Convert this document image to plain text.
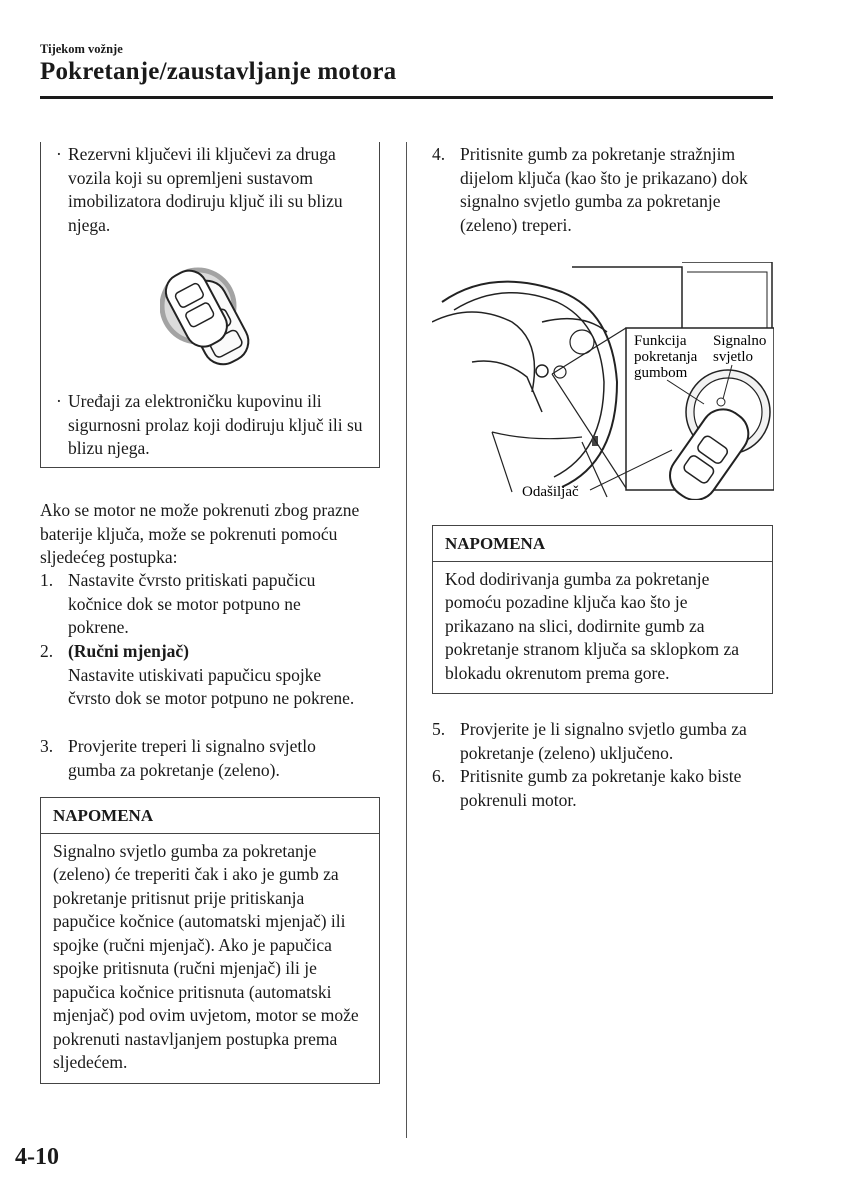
Tijekom vožnje
Pokretanje/zaustavljanje motora
· Rezervni ključevi ili ključevi za druga vozila koji su opremljeni sustavom imobilizatora dodiruju ključ ili su blizu njega.
· Uređaji za elektroničku kupovinu ili sigurnosni prolaz koji dodiruju ključ ili su blizu njega.
Ako se motor ne može pokrenuti zbog prazne baterije ključa, može se pokrenuti pomoću sljedećeg postupka:
1. Nastavite čvrsto pritiskati papučicu kočnice dok se motor potpuno ne pokrene.
2. (Ručni mjenjač)
Nastavite utiskivati papučicu spojke čvrsto dok se motor potpuno ne pokrene.
3. Provjerite treperi li signalno svjetlo gumba za pokretanje (zeleno).
NAPOMENA
Signalno svjetlo gumba za pokretanje (zeleno) će treperiti čak i ako je gumb za pokretanje pritisnut prije pritiskanja papučice kočnice (automatski mjenjač) ili spojke (ručni mjenjač). Ako je papučica spojke pritisnuta (ručni mjenjač) ili je papučica kočnice pritisnuta (automatski mjenjač) pod ovim uvjetom, motor se može pokrenuti nastavljanjem postupka prema sljedećem.
4. Pritisnite gumb za pokretanje stražnjim dijelom ključa (kao što je prikazano) dok signalno svjetlo gumba za pokretanje (zeleno) treperi.
Funkcija
pokretanja
gumbom
Signalno
svjetlo
Odašiljač
NAPOMENA
Kod dodirivanja gumba za pokretanje pomoću pozadine ključa kao što je prikazano na slici, dodirnite gumb za pokretanje stranom ključa sa sklopkom za blokadu okrenutom prema gore.
5. Provjerite je li signalno svjetlo gumba za pokretanje (zeleno) uključeno.
6. Pritisnite gumb za pokretanje kako biste pokrenuli motor.
4-10
